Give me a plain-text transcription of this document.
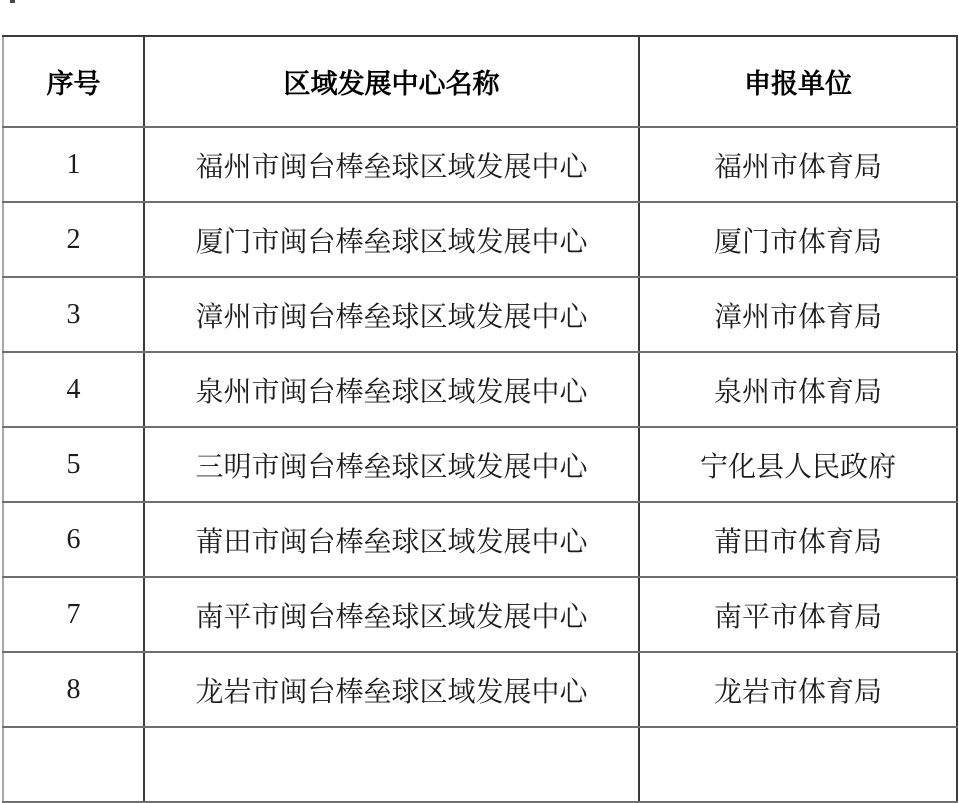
序号	区域发展中心名称	申报单位
1	福州市闽台棒垒球区域发展中心	福州市体育局
2	厦门市闽台棒垒球区域发展中心	厦门市体育局
3	漳州市闽台棒垒球区域发展中心	漳州市体育局
4	泉州市闽台棒垒球区域发展中心	泉州市体育局
5	三明市闽台棒垒球区域发展中心	宁化县人民政府
6	莆田市闽台棒垒球区域发展中心	莆田市体育局
7	南平市闽台棒垒球区域发展中心	南平市体育局
8	龙岩市闽台棒垒球区域发展中心	龙岩市体育局
